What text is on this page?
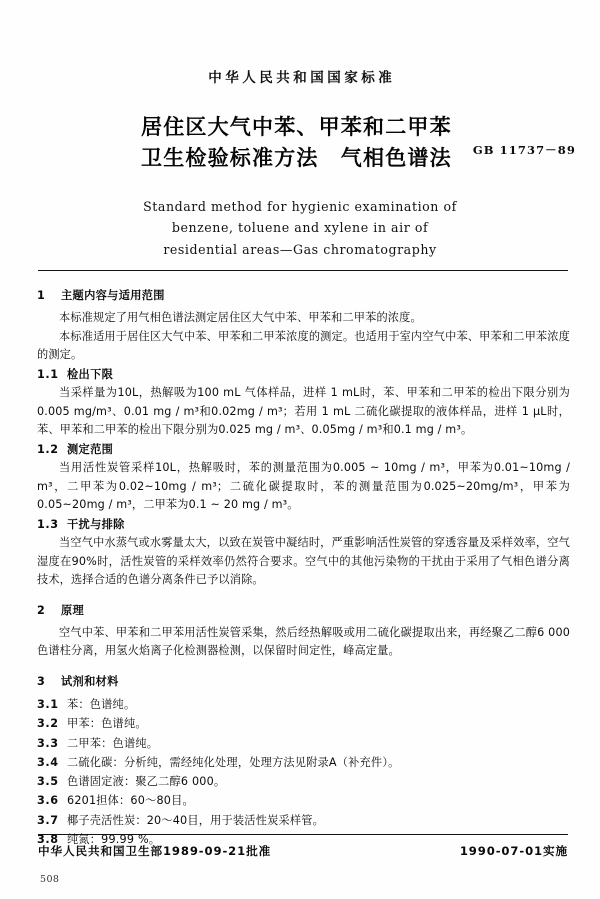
中华人民共和国国家标准
居住区大气中苯、甲苯和二甲苯
卫生检验标准方法　气相色谱法	GB 11737－89
Standard method for hygienic examination of
benzene, toluene and xylene in air of
residential areas—Gas chromatography
1	主题内容与适用范围

本标准规定了用气相色谱法测定居住区大气中苯、甲苯和二甲苯的浓度。

本标准适用于居住区大气中苯、甲苯和二甲苯浓度的测定。也适用于室内空气中苯、甲苯和二甲苯浓度的测定。

1.1 检出下限

当采样量为10L，热解吸为100 mL 气体样品，进样 1 mL时，苯、甲苯和二甲苯的检出下限分别为0.005 mg/m³、0.01 mg / m³和0.02mg / m³；若用 1 mL 二硫化碳提取的液体样品，进样 1 μL时，苯、甲苯和二甲苯的检出下限分别为0.025 mg / m³、0.05mg / m³和0.1 mg / m³。

1.2 测定范围

当用活性炭管采样10L，热解吸时，苯的测量范围为0.005 ~ 10mg / m³，甲苯为0.01~10mg / m³，二甲苯为0.02~10mg / m³；二硫化碳提取时，苯的测量范围为0.025~20mg/m³，甲苯为0.05~20mg / m³，二甲苯为0.1 ~ 20 mg / m³。

1.3 干扰与排除

当空气中水蒸气或水雾量太大，以致在炭管中凝结时，严重影响活性炭管的穿透容量及采样效率，空气湿度在90%时，活性炭管的采样效率仍然符合要求。空气中的其他污染物的干扰由于采用了气相色谱分离技术，选择合适的色谱分离条件已予以消除。

2	原理

空气中苯、甲苯和二甲苯用活性炭管采集，然后经热解吸或用二硫化碳提取出来，再经聚乙二醇6 000色谱柱分离，用氢火焰离子化检测器检测，以保留时间定性，峰高定量。

3	试剂和材料
3.1 苯：色谱纯。
3.2 甲苯：色谱纯。
3.3 二甲苯：色谱纯。
3.4 二硫化碳：分析纯，需经纯化处理，处理方法见附录A（补充件）。
3.5 色谱固定液：聚乙二醇6 000。
3.6 6201担体：60～80目。
3.7 椰子壳活性炭：20～40目，用于装活性炭采样管。
3.8 纯氮：99.99 %。
中华人民共和国卫生部1989-09-21批准	1990-07-01实施
508
